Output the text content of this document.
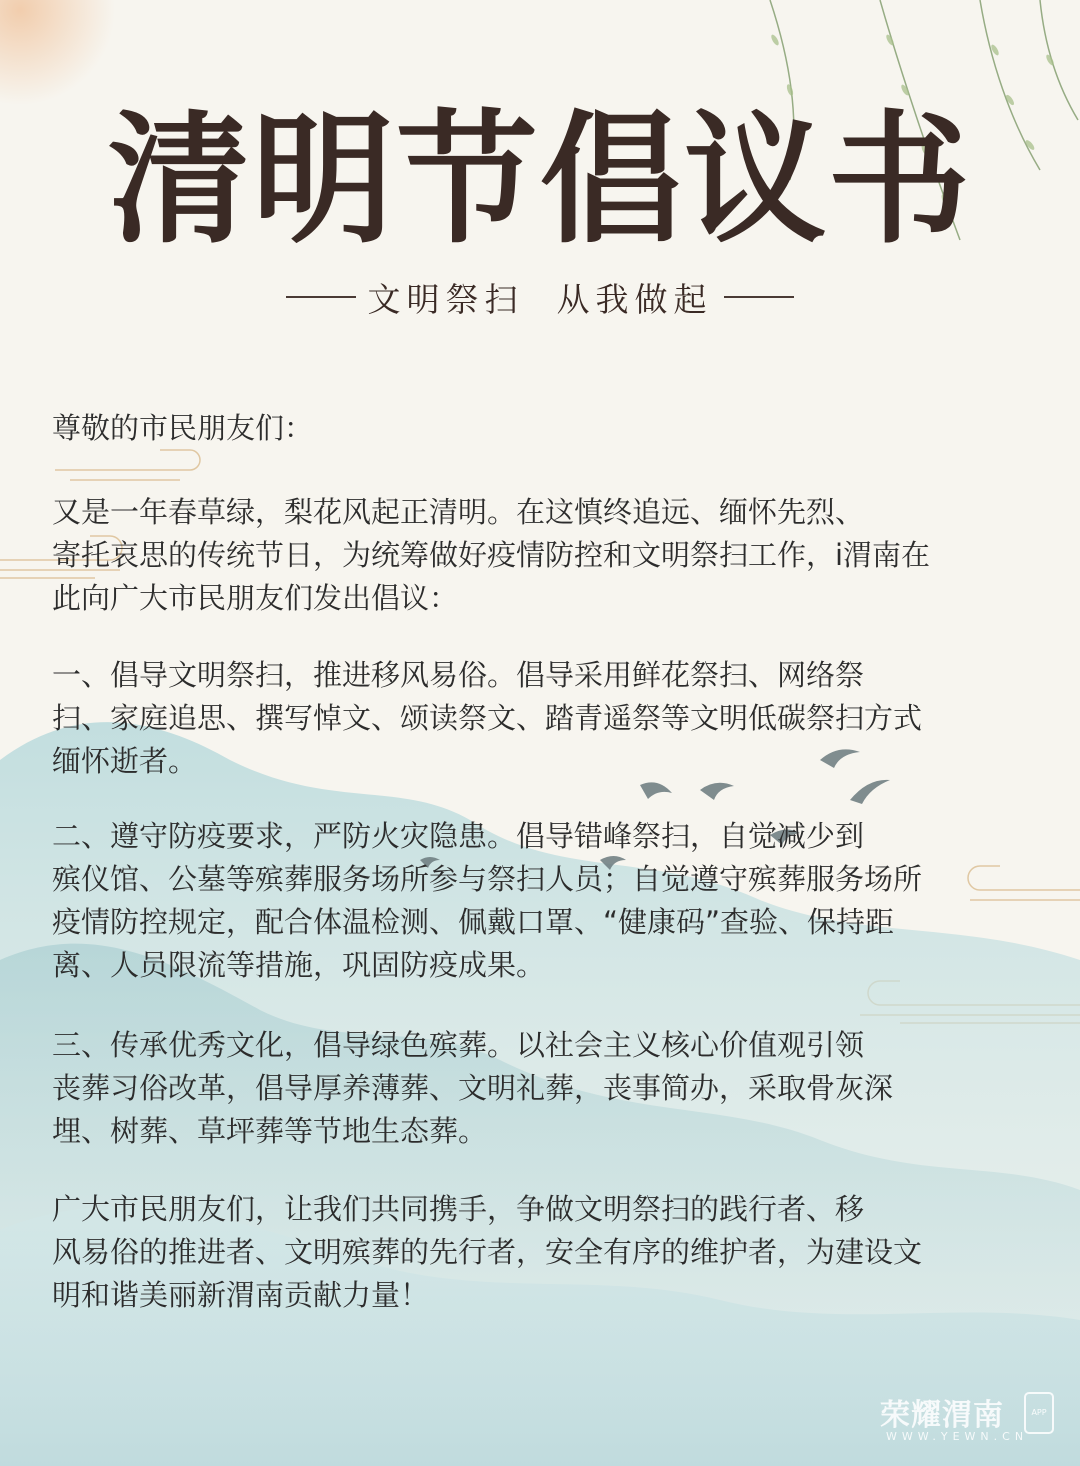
清明节倡议书
文明祭扫  从我做起

尊敬的市民朋友们：

又是一年春草绿，梨花风起正清明。在这慎终追远、缅怀先烈、
寄托哀思的传统节日，为统筹做好疫情防控和文明祭扫工作，i渭南在
此向广大市民朋友们发出倡议：

一、倡导文明祭扫，推进移风易俗。倡导采用鲜花祭扫、网络祭
扫、家庭追思、撰写悼文、颂读祭文、踏青遥祭等文明低碳祭扫方式
缅怀逝者。

二、遵守防疫要求，严防火灾隐患。倡导错峰祭扫，自觉减少到
殡仪馆、公墓等殡葬服务场所参与祭扫人员；自觉遵守殡葬服务场所
疫情防控规定，配合体温检测、佩戴口罩、“健康码”查验、保持距
离、人员限流等措施，巩固防疫成果。

三、传承优秀文化，倡导绿色殡葬。以社会主义核心价值观引领
丧葬习俗改革，倡导厚养薄葬、文明礼葬，丧事简办，采取骨灰深
埋、树葬、草坪葬等节地生态葬。

广大市民朋友们，让我们共同携手，争做文明祭扫的践行者、移
风易俗的推进者、文明殡葬的先行者，安全有序的维护者，为建设文
明和谐美丽新渭南贡献力量！

荣耀渭南	APP
WWW.YEWN.CN
